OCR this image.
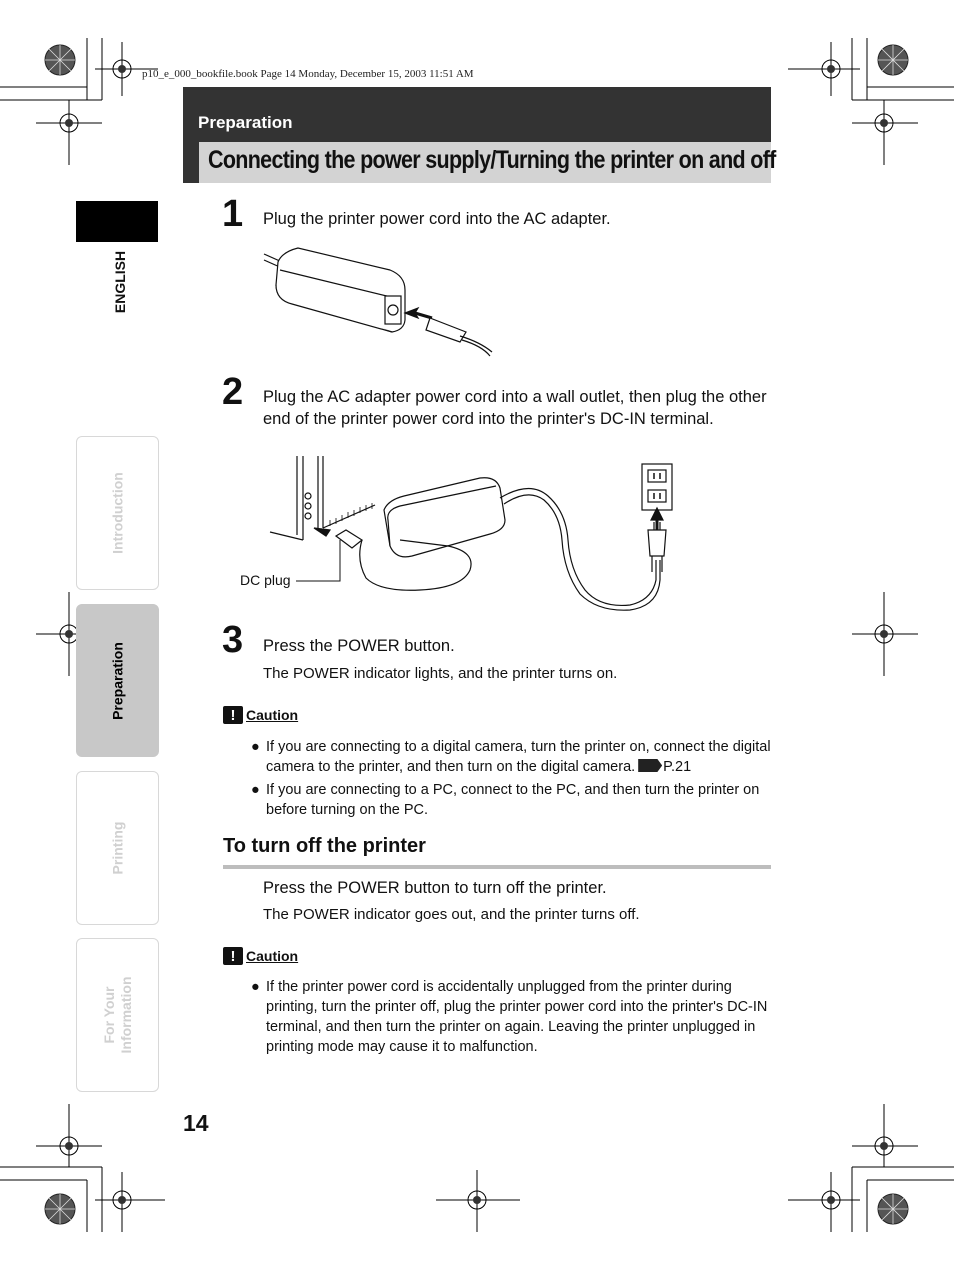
p10_e_000_bookfile.book Page 14 Monday, December 15, 2003 11:51 AM
Preparation
Connecting the power supply/Turning the printer on and off
ENGLISH
Introduction
Preparation
Printing
For Your
Information
1 Plug the printer power cord into the AC adapter.
2 Plug the AC adapter power cord into a wall outlet, then plug the other end of the printer power cord into the printer's DC-IN terminal.
DC plug
3 Press the POWER button.
The POWER indicator lights, and the printer turns on.
! Caution
● If you are connecting to a digital camera, turn the printer on, connect the digital camera to the printer, and then turn on the digital camera. P.21
● If you are connecting to a PC, connect to the PC, and then turn the printer on before turning on the PC.
To turn off the printer
Press the POWER button to turn off the printer.
The POWER indicator goes out, and the printer turns off.
! Caution
● If the printer power cord is accidentally unplugged from the printer during printing, turn the printer off, plug the printer power cord into the printer's DC-IN terminal, and then turn the printer on again. Leaving the printer unplugged in printing mode may cause it to malfunction.
14
